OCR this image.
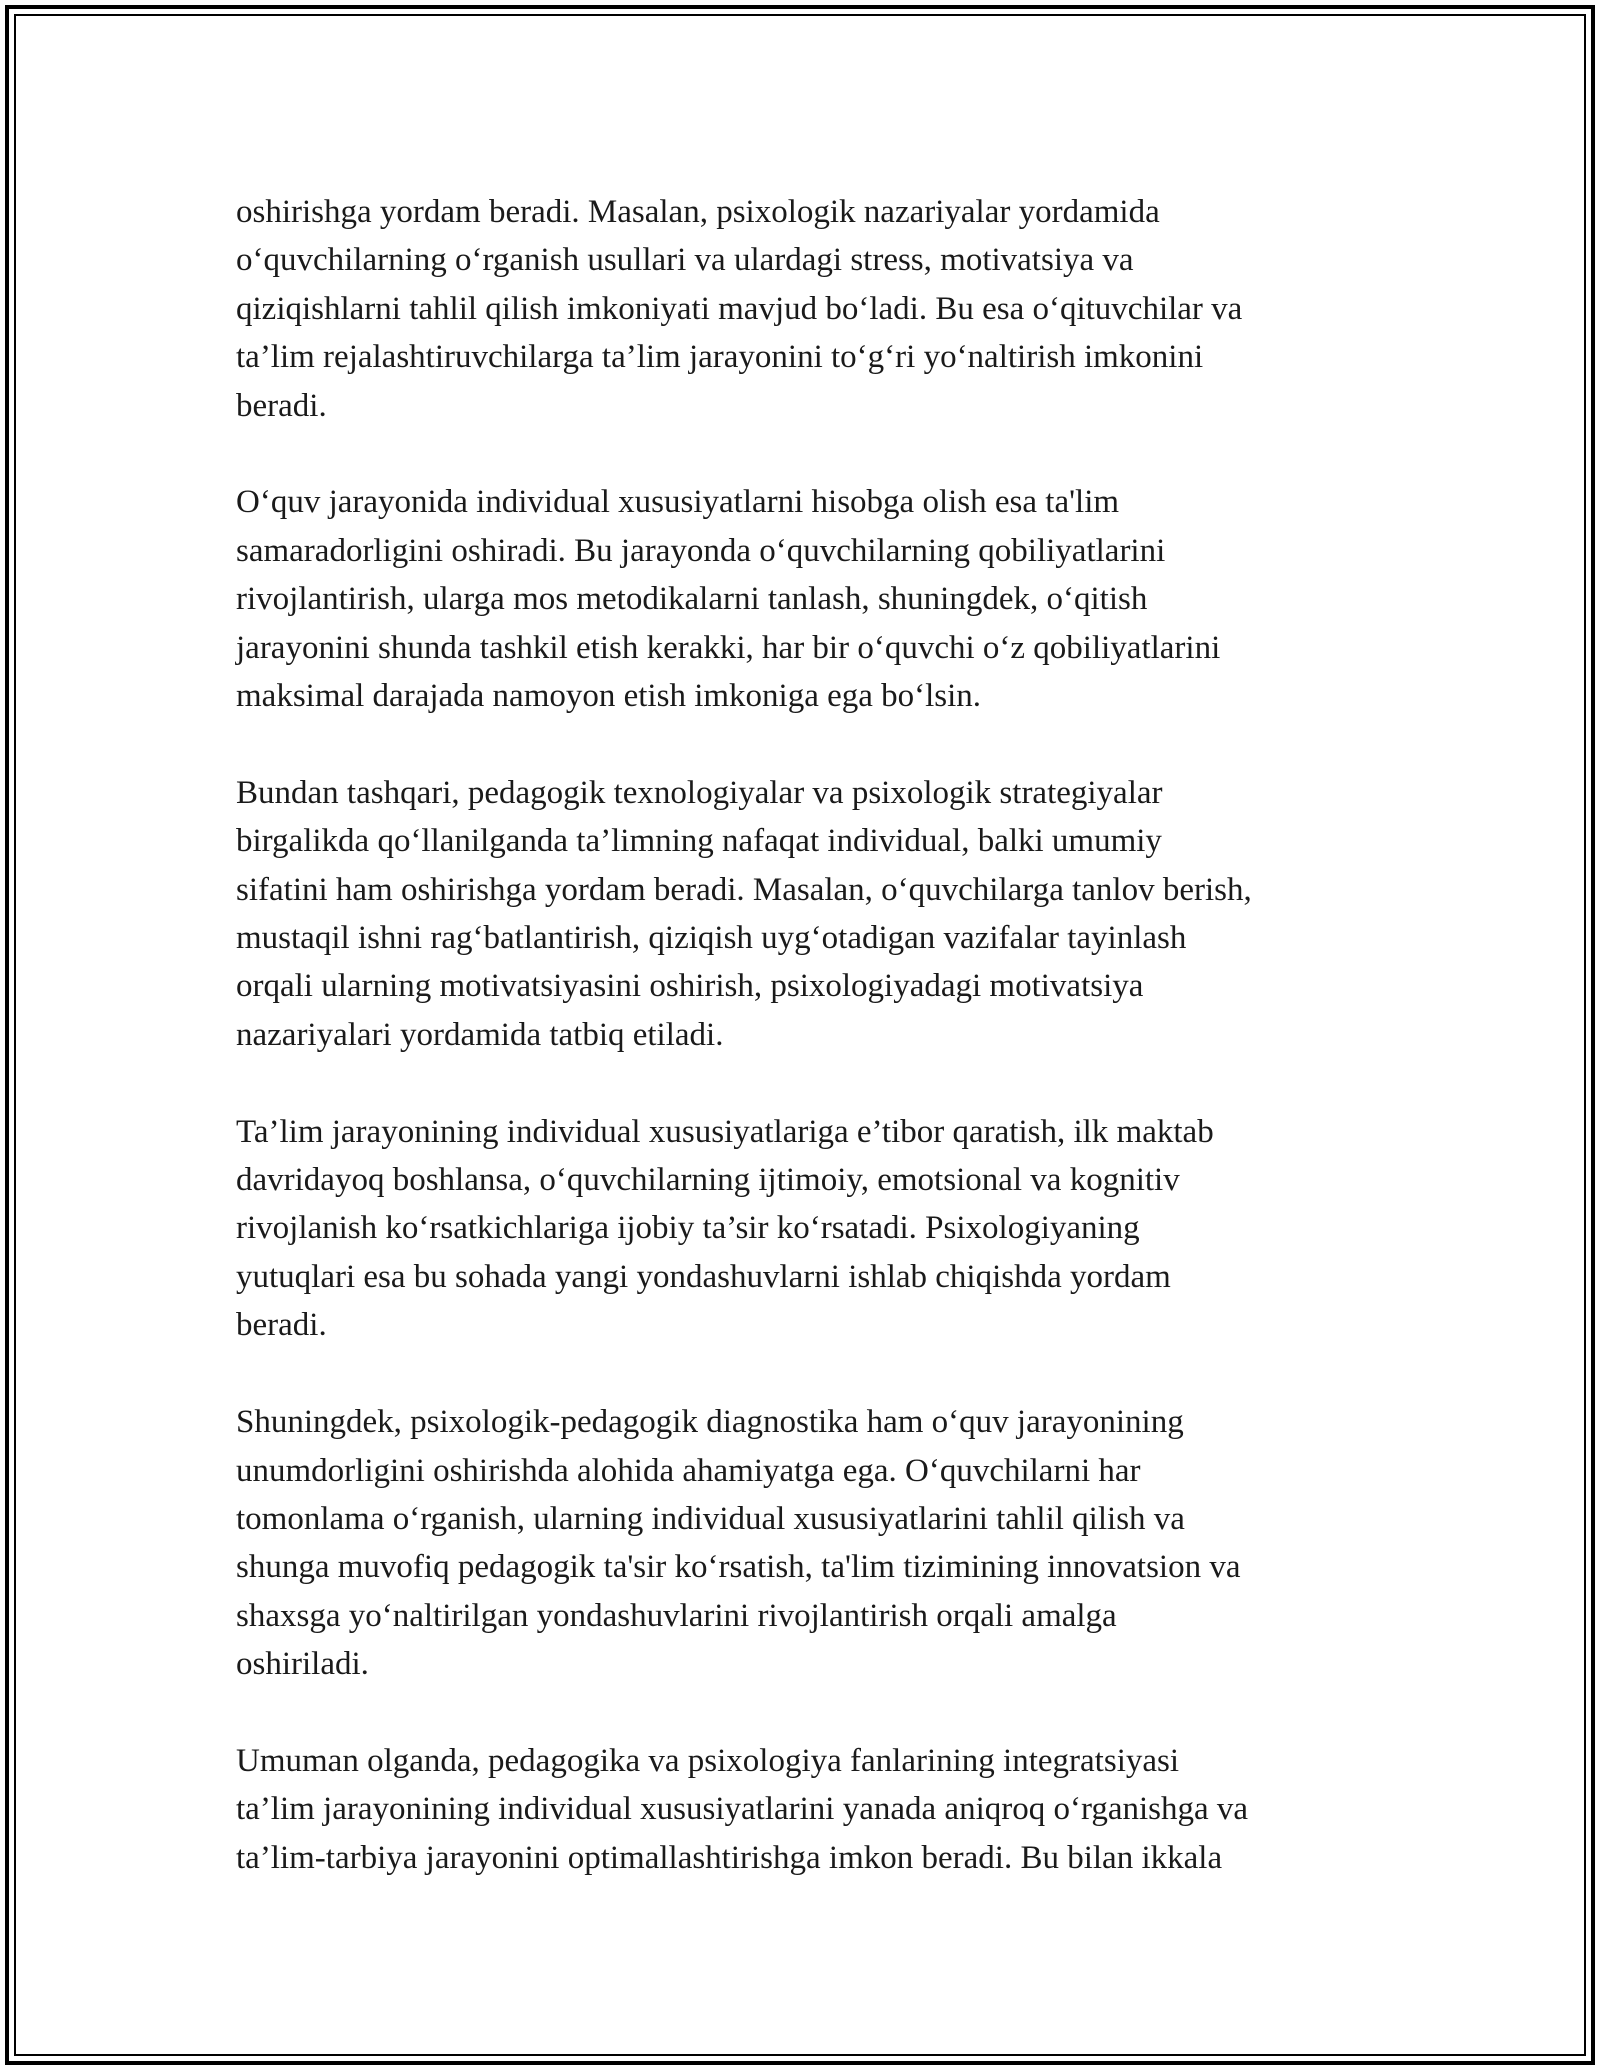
oshirishga yordam beradi. Masalan, psixologik nazariyalar yordamida
o‘quvchilarning o‘rganish usullari va ulardagi stress, motivatsiya va
qiziqishlarni tahlil qilish imkoniyati mavjud bo‘ladi. Bu esa o‘qituvchilar va
ta’lim rejalashtiruvchilarga ta’lim jarayonini to‘g‘ri yo‘naltirish imkonini
beradi.

O‘quv jarayonida individual xususiyatlarni hisobga olish esa ta'lim
samaradorligini oshiradi. Bu jarayonda o‘quvchilarning qobiliyatlarini
rivojlantirish, ularga mos metodikalarni tanlash, shuningdek, o‘qitish
jarayonini shunda tashkil etish kerakki, har bir o‘quvchi o‘z qobiliyatlarini
maksimal darajada namoyon etish imkoniga ega bo‘lsin.

Bundan tashqari, pedagogik texnologiyalar va psixologik strategiyalar
birgalikda qo‘llanilganda ta’limning nafaqat individual, balki umumiy
sifatini ham oshirishga yordam beradi. Masalan, o‘quvchilarga tanlov berish,
mustaqil ishni rag‘batlantirish, qiziqish uyg‘otadigan vazifalar tayinlash
orqali ularning motivatsiyasini oshirish, psixologiyadagi motivatsiya
nazariyalari yordamida tatbiq etiladi.

Ta’lim jarayonining individual xususiyatlariga e’tibor qaratish, ilk maktab
davridayoq boshlansa, o‘quvchilarning ijtimoiy, emotsional va kognitiv
rivojlanish ko‘rsatkichlariga ijobiy ta’sir ko‘rsatadi. Psixologiyaning
yutuqlari esa bu sohada yangi yondashuvlarni ishlab chiqishda yordam
beradi.

Shuningdek, psixologik-pedagogik diagnostika ham o‘quv jarayonining
unumdorligini oshirishda alohida ahamiyatga ega. O‘quvchilarni har
tomonlama o‘rganish, ularning individual xususiyatlarini tahlil qilish va
shunga muvofiq pedagogik ta'sir ko‘rsatish, ta'lim tizimining innovatsion va
shaxsga yo‘naltirilgan yondashuvlarini rivojlantirish orqali amalga
oshiriladi.

Umuman olganda, pedagogika va psixologiya fanlarining integratsiyasi
ta’lim jarayonining individual xususiyatlarini yanada aniqroq o‘rganishga va
ta’lim-tarbiya jarayonini optimallashtirishga imkon beradi. Bu bilan ikkala
